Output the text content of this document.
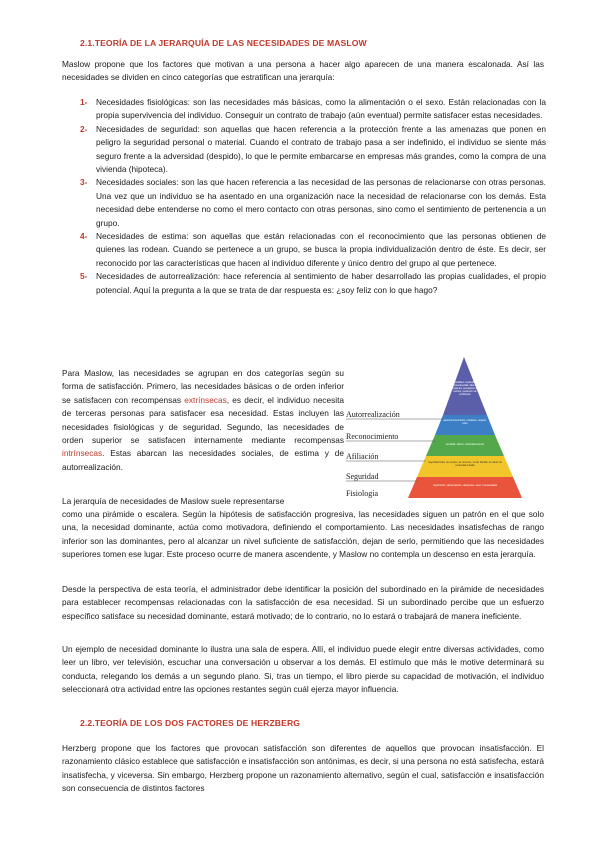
2.1.TEORÍA DE LA JERARQUÍA DE LAS NECESIDADES DE MASLOW

Maslow propone que los factores que motivan a una persona a hacer algo aparecen de una manera escalonada. Así las necesidades se dividen en cinco categorías que estratifican una jerarquía:

1- Necesidades fisiológicas: son las necesidades más básicas, como la alimentación o el sexo. Están relacionadas con la propia supervivencia del individuo. Conseguir un contrato de trabajo (aún eventual) permite satisfacer estas necesidades.
2- Necesidades de seguridad: son aquellas que hacen referencia a la protección frente a las amenazas que ponen en peligro la seguridad personal o material. Cuando el contrato de trabajo pasa a ser indefinido, el individuo se siente más seguro frente a la adversidad (despido), lo que le permite embarcarse en empresas más grandes, como la compra de una vivienda (hipoteca).
3- Necesidades sociales: son las que hacen referencia a las necesidad de las personas de relacionarse con otras personas. Una vez que un individuo se ha asentado en una organización nace la necesidad de relacionarse con los demás. Esta necesidad debe entenderse no como el mero contacto con otras personas, sino como el sentimiento de pertenencia a un grupo.
4- Necesidades de estima: son aquellas que están relacionadas con el reconocimiento que las personas obtienen de quienes las rodean. Cuando se pertenece a un grupo, se busca la propia individualización dentro de éste. Es decir, ser reconocido por las características que hacen al individuo diferente y único dentro del grupo al que pertenece.
5- Necesidades de autorrealización: hace referencia al sentimiento de haber desarrollado las propias cualidades, el propio potencial. Aquí la pregunta a la que se trata de dar respuesta es: ¿soy feliz con lo que hago?

Para Maslow, las necesidades se agrupan en dos categorías según su forma de satisfacción. Primero, las necesidades básicas o de orden inferior se satisfacen con recompensas extrínsecas, es decir, el individuo necesita de terceras personas para satisfacer esa necesidad. Estas incluyen las necesidades fisiológicas y de seguridad. Segundo, las necesidades de orden superior se satisfacen internamente mediante recompensas intrínsecas. Estas abarcan las necesidades sociales, de estima y de autorrealización.

Autorrealización
Reconocimiento
Afiliación
Seguridad
Fisiología
moralidad, creatividad, espontaneidad, falta de prejuicios, aceptación de hechos, resolución de problemas
autorreconocimiento, confianza, respeto, éxito
amistad, afecto, intimidad sexual
seguridad física, de empleo, de recursos, moral, familiar, de salud, de propiedad privada
respiración, alimentación, descanso, sexo, homeostasis

La jerarquía de necesidades de Maslow suele representarse

como una pirámide o escalera. Según la hipótesis de satisfacción progresiva, las necesidades siguen un patrón en el que solo una, la necesidad dominante, actúa como motivadora, definiendo el comportamiento. Las necesidades insatisfechas de rango inferior son las dominantes, pero al alcanzar un nivel suficiente de satisfacción, dejan de serlo, permitiendo que las necesidades superiores tomen ese lugar. Este proceso ocurre de manera ascendente, y Maslow no contempla un descenso en esta jerarquía.

Desde la perspectiva de esta teoría, el administrador debe identificar la posición del subordinado en la pirámide de necesidades para establecer recompensas relacionadas con la satisfacción de esa necesidad. Si un subordinado percibe que un esfuerzo específico satisface su necesidad dominante, estará motivado; de lo contrario, no lo estará o trabajará de manera ineficiente.

Un ejemplo de necesidad dominante lo ilustra una sala de espera. Allí, el individuo puede elegir entre diversas actividades, como leer un libro, ver televisión, escuchar una conversación u observar a los demás. El estímulo que más le motive determinará su conducta, relegando los demás a un segundo plano. Si, tras un tiempo, el libro pierde su capacidad de motivación, el individuo seleccionará otra actividad entre las opciones restantes según cuál ejerza mayor influencia.

2.2.TEORÍA DE LOS DOS FACTORES DE HERZBERG

Herzberg propone que los factores que provocan satisfacción son diferentes de aquellos que provocan insatisfacción. El razonamiento clásico establece que satisfacción e insatisfacción son antónimas, es decir, si una persona no está satisfecha, estará insatisfecha, y viceversa. Sin embargo, Herzberg propone un razonamiento alternativo, según el cual, satisfacción e insatisfacción son consecuencia de distintos factores
